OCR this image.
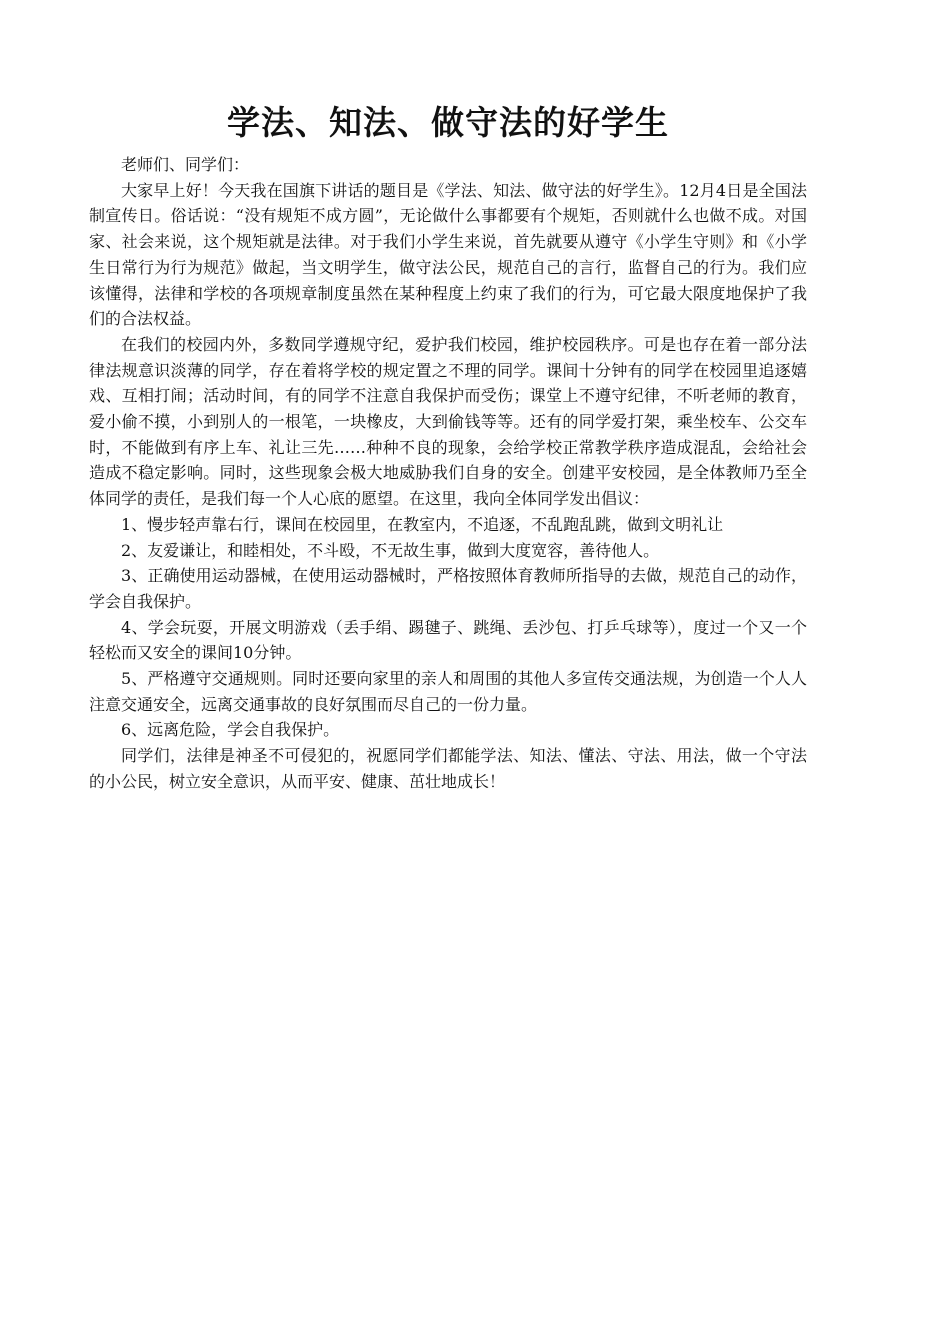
学法、知法、做守法的好学生

老师们、同学们：

大家早上好！今天我在国旗下讲话的题目是《学法、知法、做守法的好学生》。12月4日是全国法制宣传日。俗话说：“没有规矩不成方圆”，无论做什么事都要有个规矩，否则就什么也做不成。对国家、社会来说，这个规矩就是法律。对于我们小学生来说，首先就要从遵守《小学生守则》和《小学生日常行为行为规范》做起，当文明学生，做守法公民，规范自己的言行，监督自己的行为。我们应该懂得，法律和学校的各项规章制度虽然在某种程度上约束了我们的行为，可它最大限度地保护了我们的合法权益。

在我们的校园内外，多数同学遵规守纪，爱护我们校园，维护校园秩序。可是也存在着一部分法律法规意识淡薄的同学，存在着将学校的规定置之不理的同学。课间十分钟有的同学在校园里追逐嬉戏、互相打闹；活动时间，有的同学不注意自我保护而受伤；课堂上不遵守纪律，不听老师的教育，爱小偷不摸，小到别人的一根笔，一块橡皮，大到偷钱等等。还有的同学爱打架，乘坐校车、公交车时，不能做到有序上车、礼让三先……种种不良的现象，会给学校正常教学秩序造成混乱，会给社会造成不稳定影响。同时，这些现象会极大地威胁我们自身的安全。创建平安校园，是全体教师乃至全体同学的责任，是我们每一个人心底的愿望。在这里，我向全体同学发出倡议：

1、慢步轻声靠右行，课间在校园里，在教室内，不追逐，不乱跑乱跳，做到文明礼让

2、友爱谦让，和睦相处，不斗殴，不无故生事，做到大度宽容，善待他人。

3、正确使用运动器械，在使用运动器械时，严格按照体育教师所指导的去做，规范自己的动作，学会自我保护。

4、学会玩耍，开展文明游戏（丢手绢、踢毽子、跳绳、丢沙包、打乒乓球等），度过一个又一个轻松而又安全的课间10分钟。

5、严格遵守交通规则。同时还要向家里的亲人和周围的其他人多宣传交通法规，为创造一个人人注意交通安全，远离交通事故的良好氛围而尽自己的一份力量。

6、远离危险，学会自我保护。

同学们，法律是神圣不可侵犯的，祝愿同学们都能学法、知法、懂法、守法、用法，做一个守法的小公民，树立安全意识，从而平安、健康、茁壮地成长！
